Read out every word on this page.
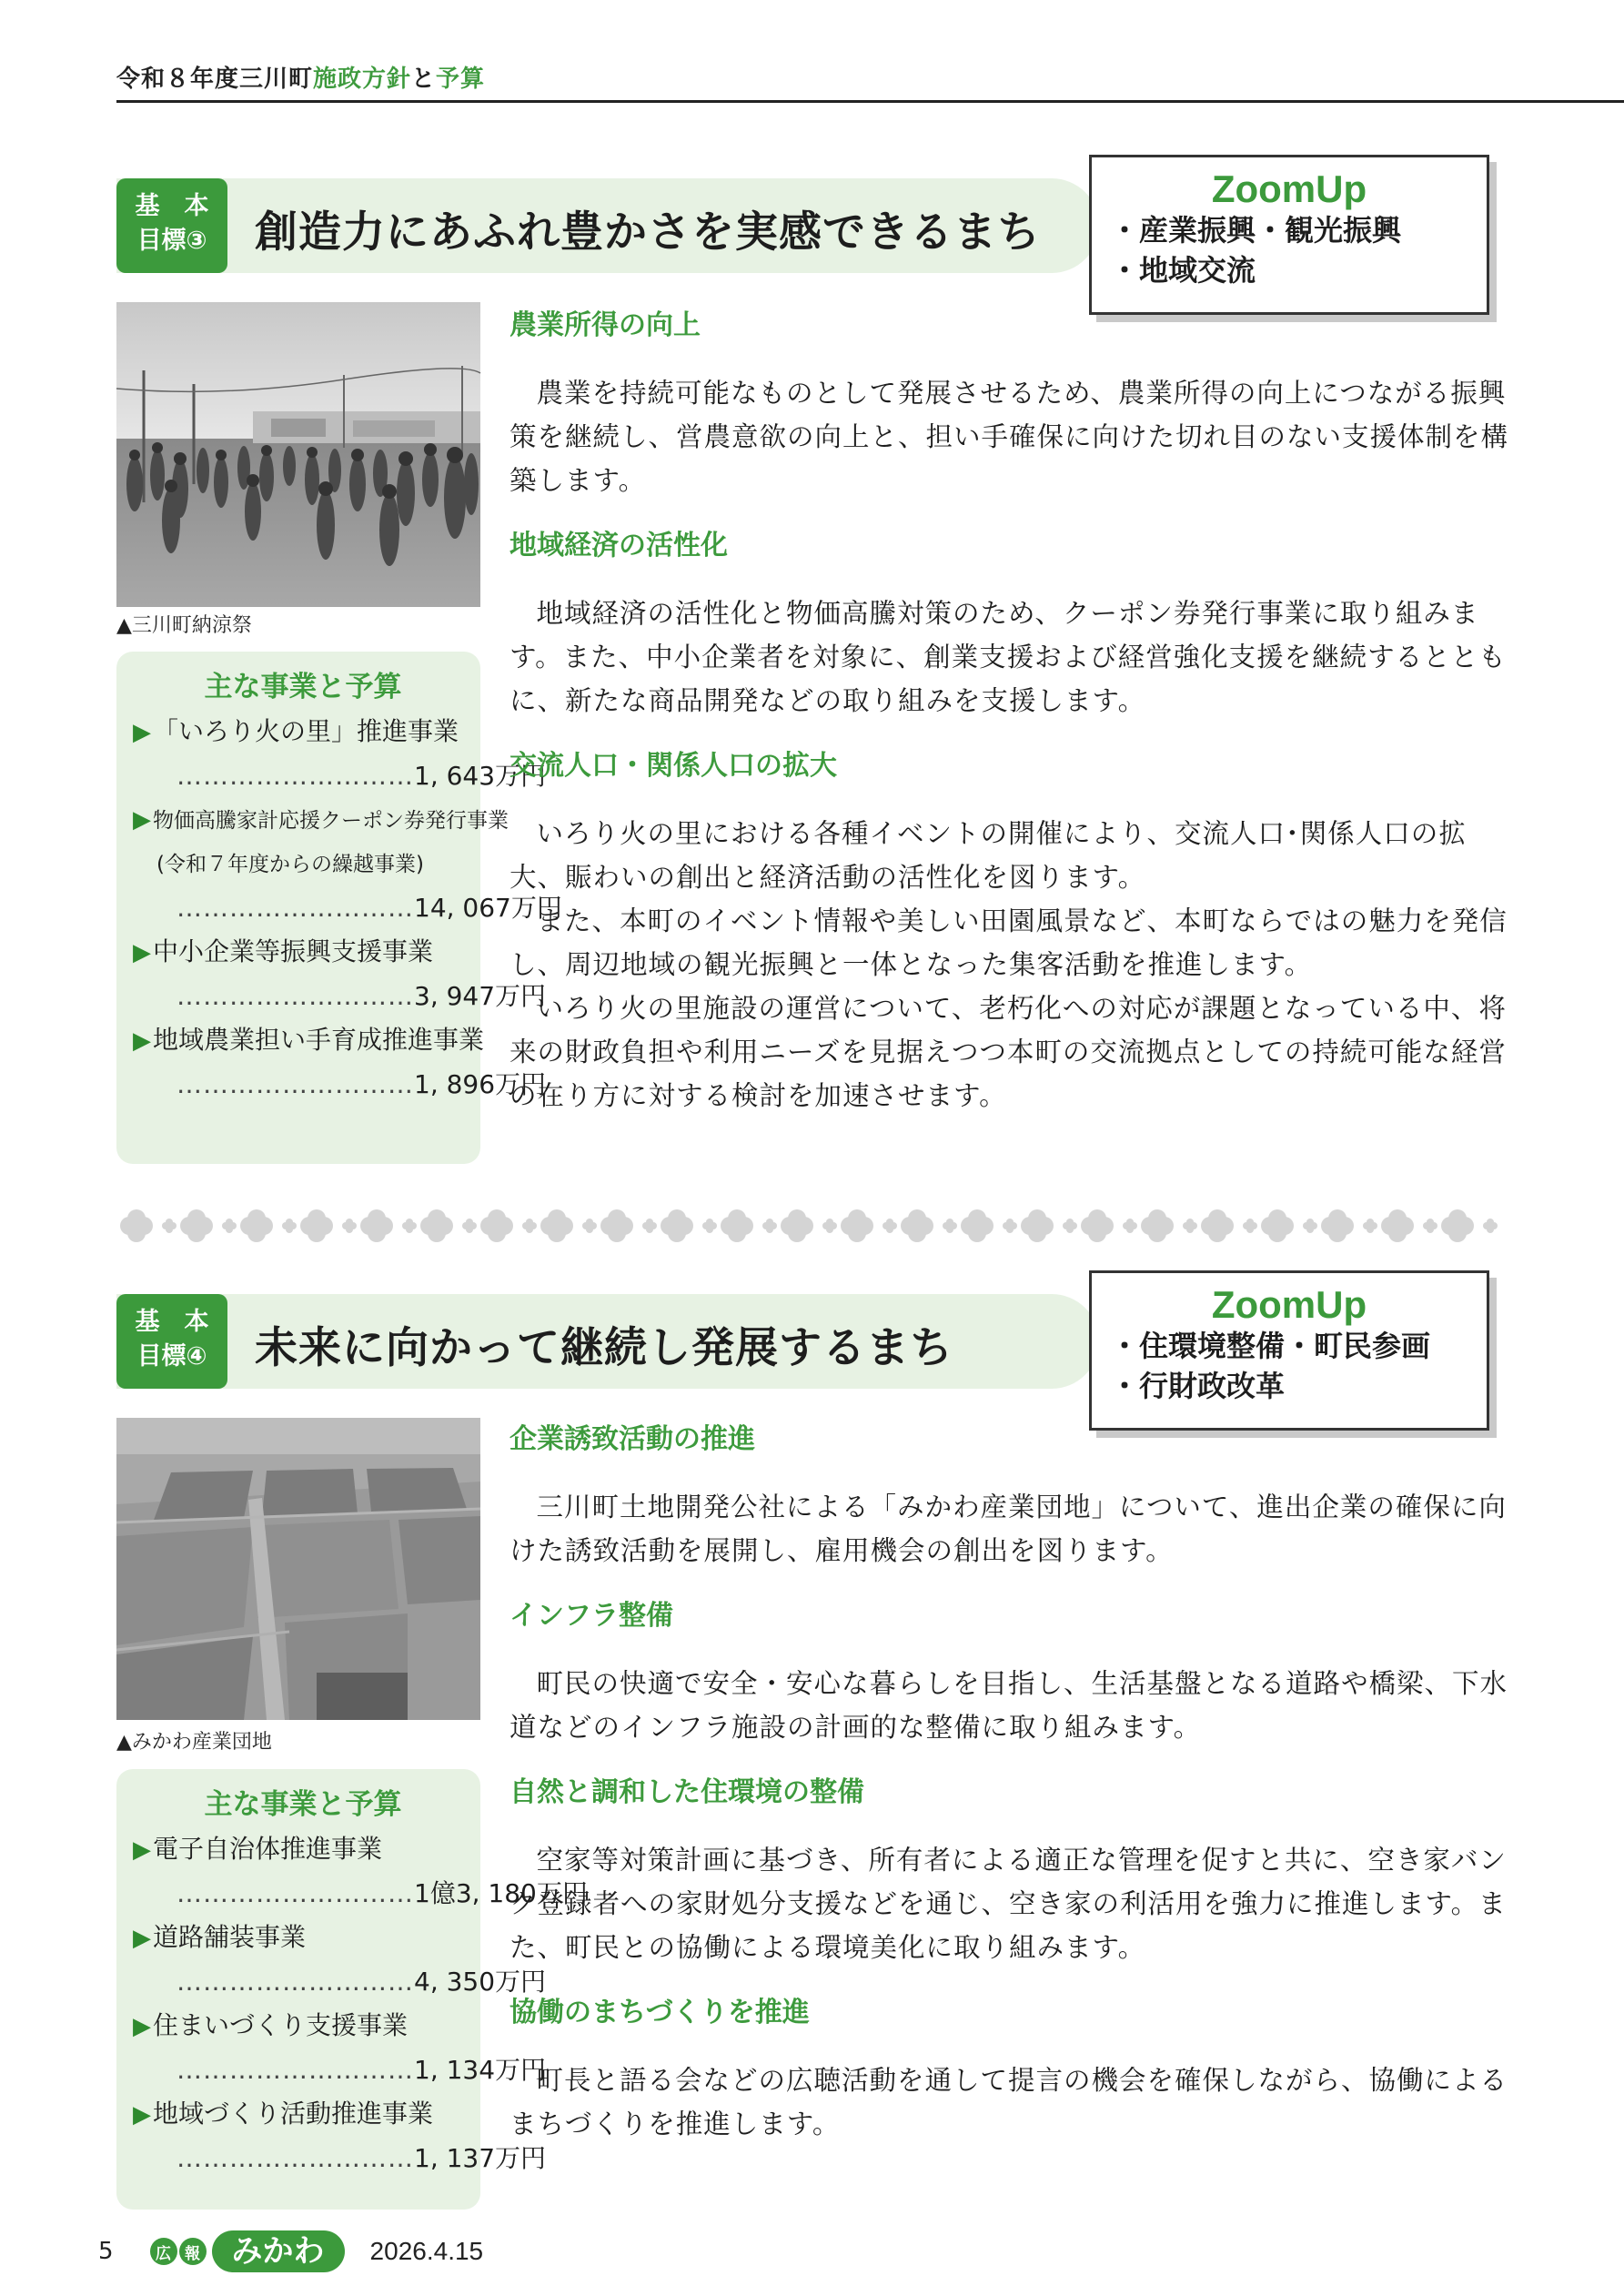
令和８年度三川町施政方針と予算
基　本
目標③	創造力にあふれ豊かさを実感できるまち
ZoomUp
・産業振興・観光振興
・地域交流
▲三川町納涼祭
主な事業と予算
▶「いろり火の里」推進事業
……………………… 1, 643万円
▶物価高騰家計応援クーポン券発行事業
(令和７年度からの繰越事業)
……………………… 14, 067万円
▶中小企業等振興支援事業
……………………… 3, 947万円
▶地域農業担い手育成推進事業
……………………… 1, 896万円
農業所得の向上

農業を持続可能なものとして発展させるため、農業所得の向上につながる振興策を継続し、営農意欲の向上と、担い手確保に向けた切れ目のない支援体制を構築します。

地域経済の活性化

地域経済の活性化と物価高騰対策のため、クーポン券発行事業に取り組みます。また、中小企業者を対象に、創業支援および経営強化支援を継続するとともに、新たな商品開発などの取り組みを支援します。

交流人口・関係人口の拡大

いろり火の里における各種イベントの開催により、交流人口･関係人口の拡大、賑わいの創出と経済活動の活性化を図ります。

また、本町のイベント情報や美しい田園風景など、本町ならではの魅力を発信し、周辺地域の観光振興と一体となった集客活動を推進します。

いろり火の里施設の運営について、老朽化への対応が課題となっている中、将来の財政負担や利用ニーズを見据えつつ本町の交流拠点としての持続可能な経営の在り方に対する検討を加速させます。

基　本
目標④	未来に向かって継続し発展するまち
ZoomUp
・住環境整備・町民参画
・行財政改革
▲みかわ産業団地
主な事業と予算
▶電子自治体推進事業
……………………… 1億3, 180万円
▶道路舗装事業
……………………… 4, 350万円
▶住まいづくり支援事業
……………………… 1, 134万円
▶地域づくり活動推進事業
……………………… 1, 137万円
企業誘致活動の推進

三川町土地開発公社による「みかわ産業団地」について、進出企業の確保に向けた誘致活動を展開し、雇用機会の創出を図ります。

インフラ整備

町民の快適で安全・安心な暮らしを目指し、生活基盤となる道路や橋梁、下水道などのインフラ施設の計画的な整備に取り組みます。

自然と調和した住環境の整備

空家等対策計画に基づき、所有者による適正な管理を促すと共に、空き家バンク登録者への家財処分支援などを通じ、空き家の利活用を強力に推進します。また、町民との協働による環境美化に取り組みます。

協働のまちづくりを推進

町長と語る会などの広聴活動を通して提言の機会を確保しながら、協働によるまちづくりを推進します。

5	広 報	みかわ	2026.4.15
